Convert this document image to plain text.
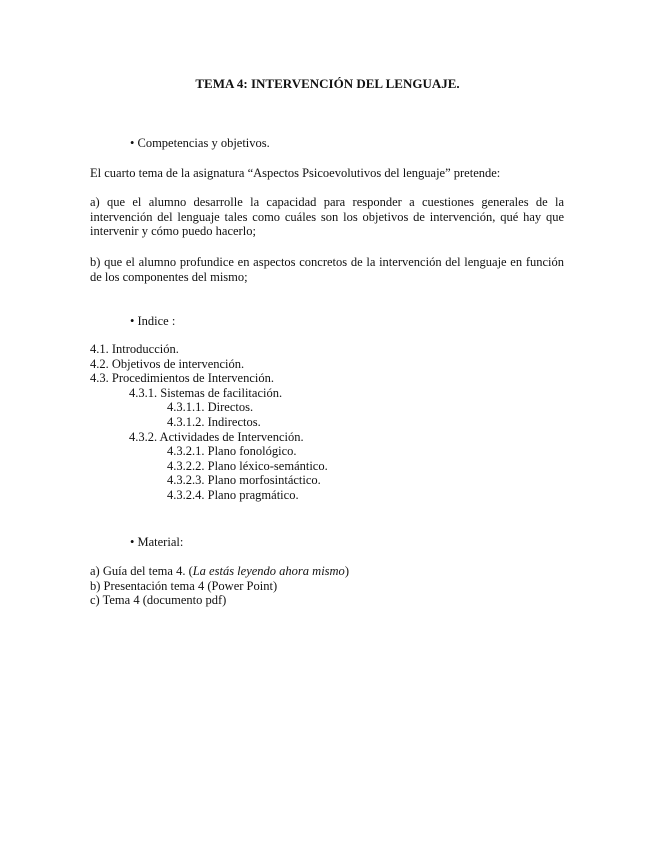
TEMA 4: INTERVENCIÓN DEL LENGUAJE.
• Competencias y objetivos.
El cuarto tema de la asignatura “Aspectos Psicoevolutivos del lenguaje” pretende:
a) que el alumno desarrolle la capacidad para responder a cuestiones generales de la intervención del lenguaje tales como cuáles son los objetivos de intervención, qué hay que intervenir y cómo puedo hacerlo;
b) que el alumno profundice en aspectos concretos de la intervención del lenguaje en función de los componentes del mismo;
• Indice :
4.1. Introducción.
4.2. Objetivos de intervención.
4.3. Procedimientos de Intervención.
4.3.1. Sistemas de facilitación.
4.3.1.1. Directos.
4.3.1.2. Indirectos.
4.3.2. Actividades de Intervención.
4.3.2.1. Plano fonológico.
4.3.2.2. Plano léxico-semántico.
4.3.2.3. Plano morfosintáctico.
4.3.2.4. Plano pragmático.
• Material:
a) Guía del tema 4. (La estás leyendo ahora mismo)
b) Presentación tema 4 (Power Point)
c) Tema 4 (documento pdf)
